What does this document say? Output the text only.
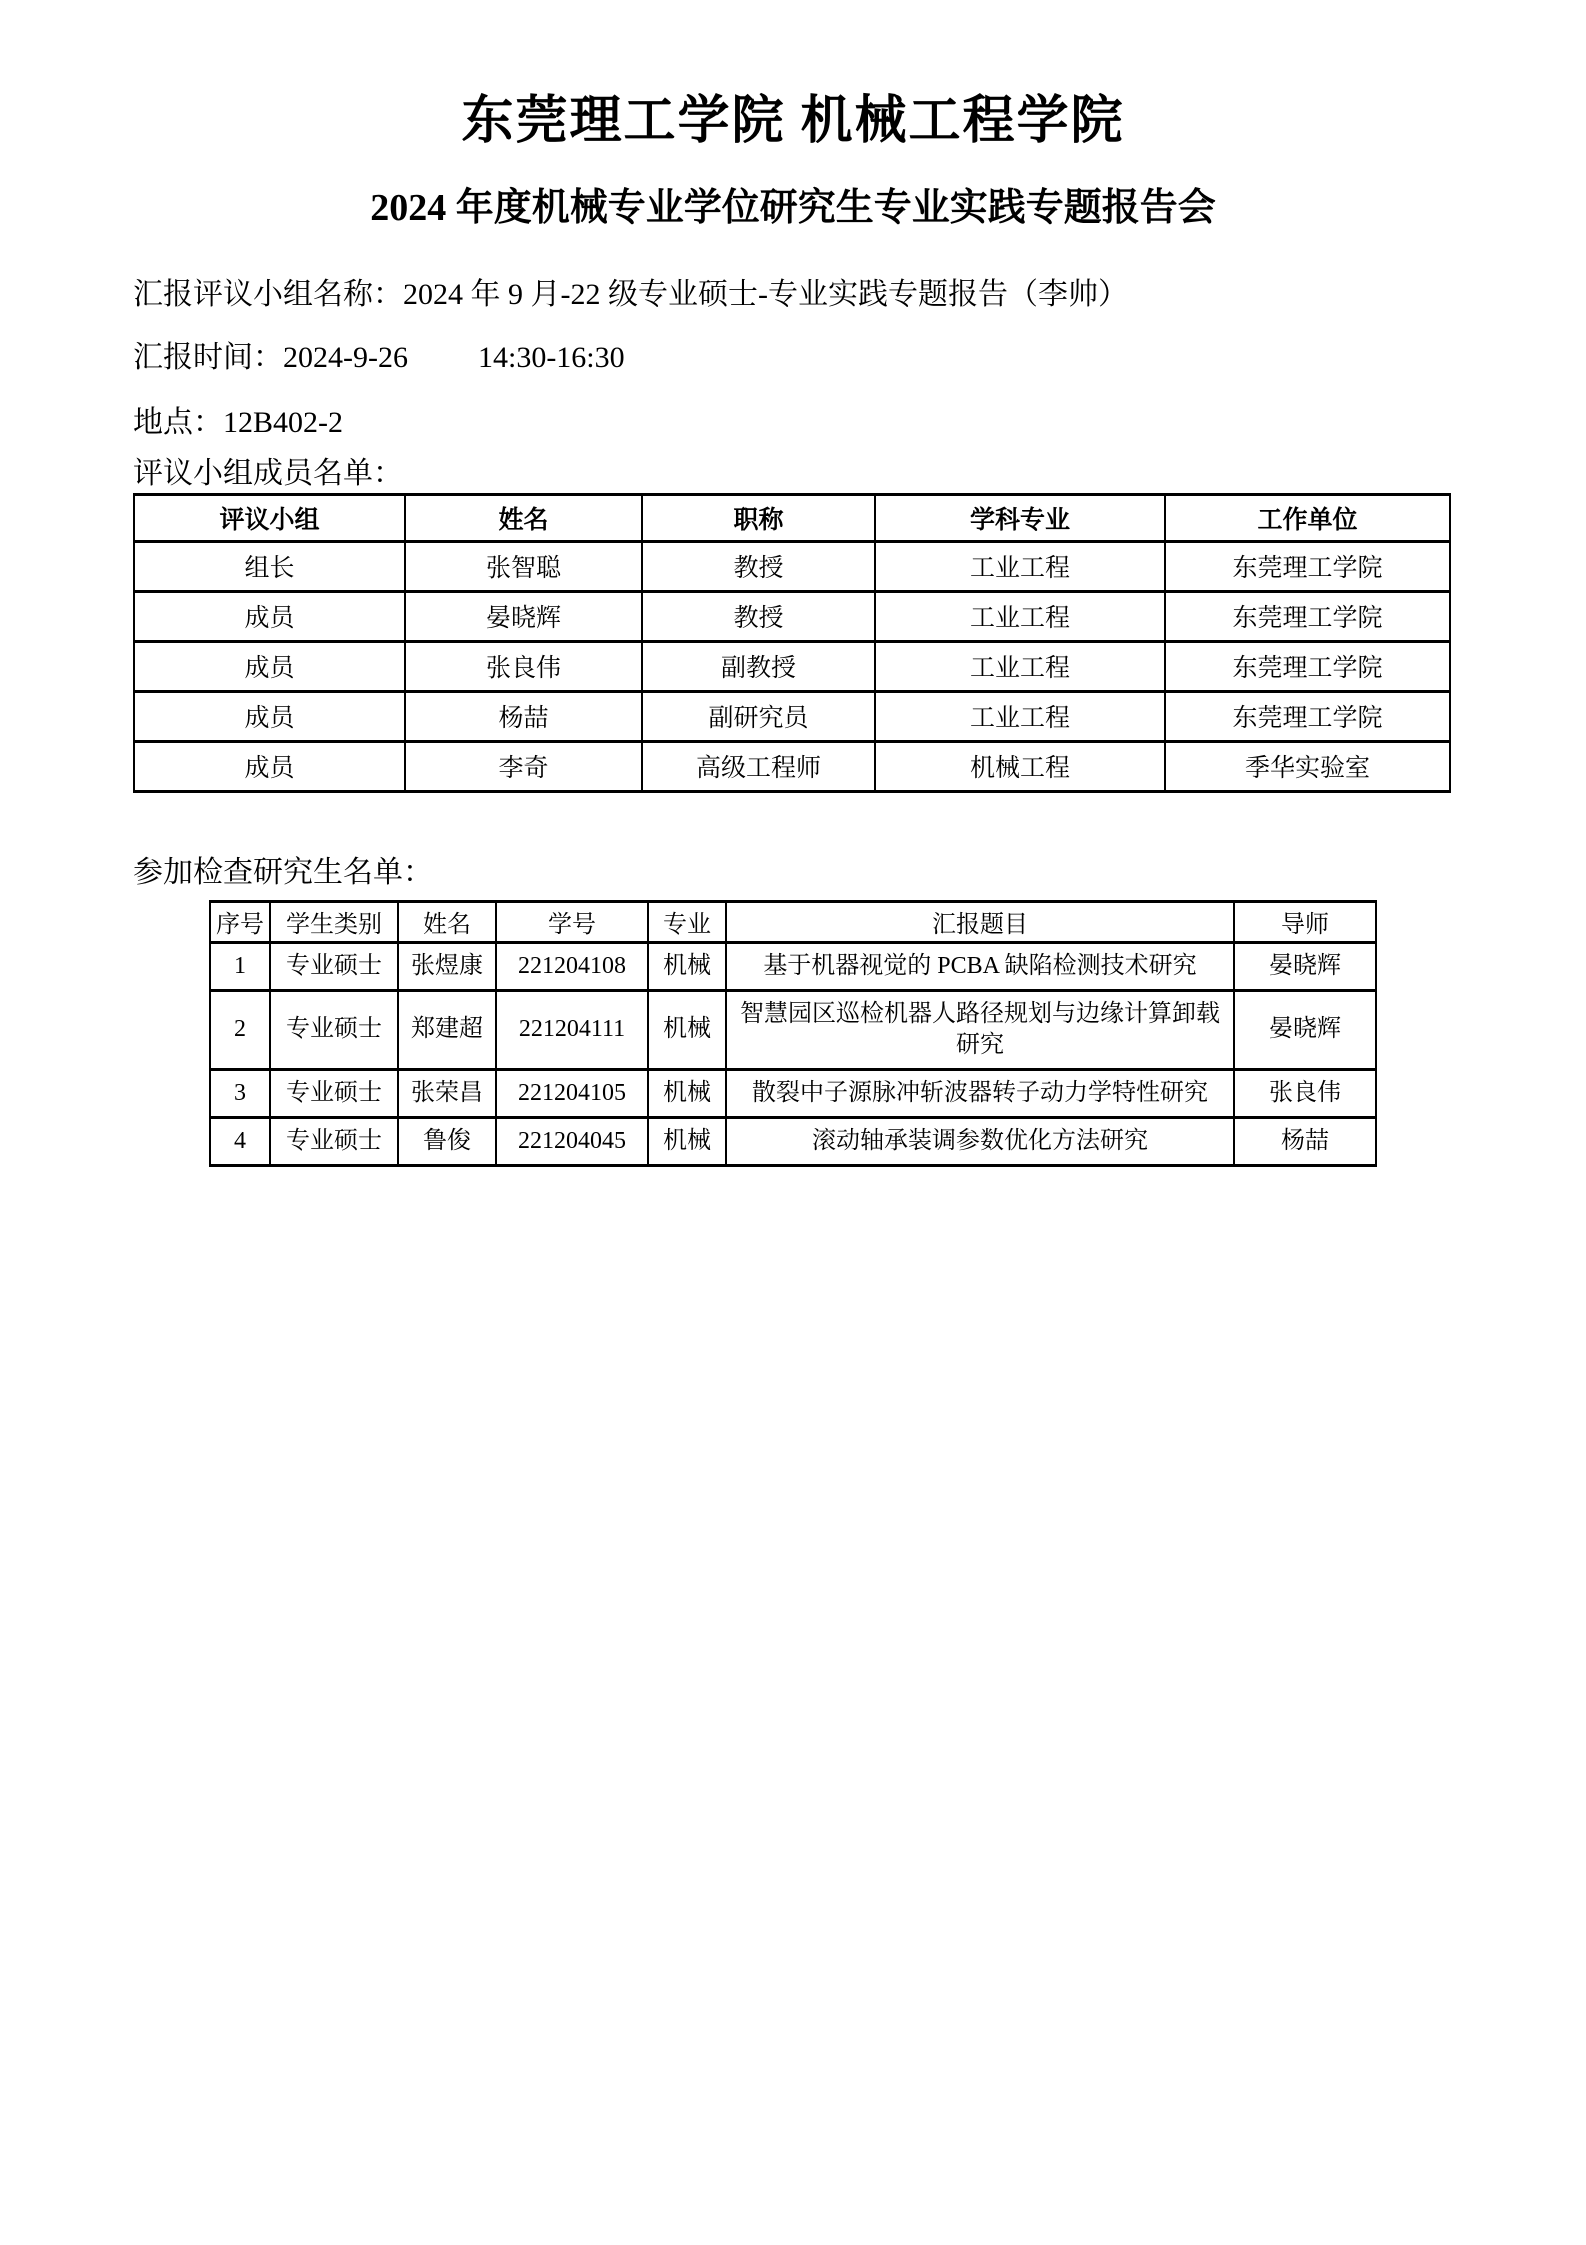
东莞理工学院 机械工程学院
2024 年度机械专业学位研究生专业实践专题报告会
汇报评议小组名称：2024 年 9 月-22 级专业硕士-专业实践专题报告（李帅）
汇报时间：2024-9-26 14:30-16:30
地点：12B402-2
评议小组成员名单：
评议小组	姓名	职称	学科专业	工作单位
组长	张智聪	教授	工业工程	东莞理工学院
成员	晏晓辉	教授	工业工程	东莞理工学院
成员	张良伟	副教授	工业工程	东莞理工学院
成员	杨喆	副研究员	工业工程	东莞理工学院
成员	李奇	高级工程师	机械工程	季华实验室
参加检查研究生名单：
序号	学生类别	姓名	学号	专业	汇报题目	导师
1	专业硕士	张煜康	221204108	机械	基于机器视觉的 PCBA 缺陷检测技术研究	晏晓辉
2	专业硕士	郑建超	221204111	机械	智慧园区巡检机器人路径规划与边缘计算卸载研究	晏晓辉
3	专业硕士	张荣昌	221204105	机械	散裂中子源脉冲斩波器转子动力学特性研究	张良伟
4	专业硕士	鲁俊	221204045	机械	滚动轴承装调参数优化方法研究	杨喆
